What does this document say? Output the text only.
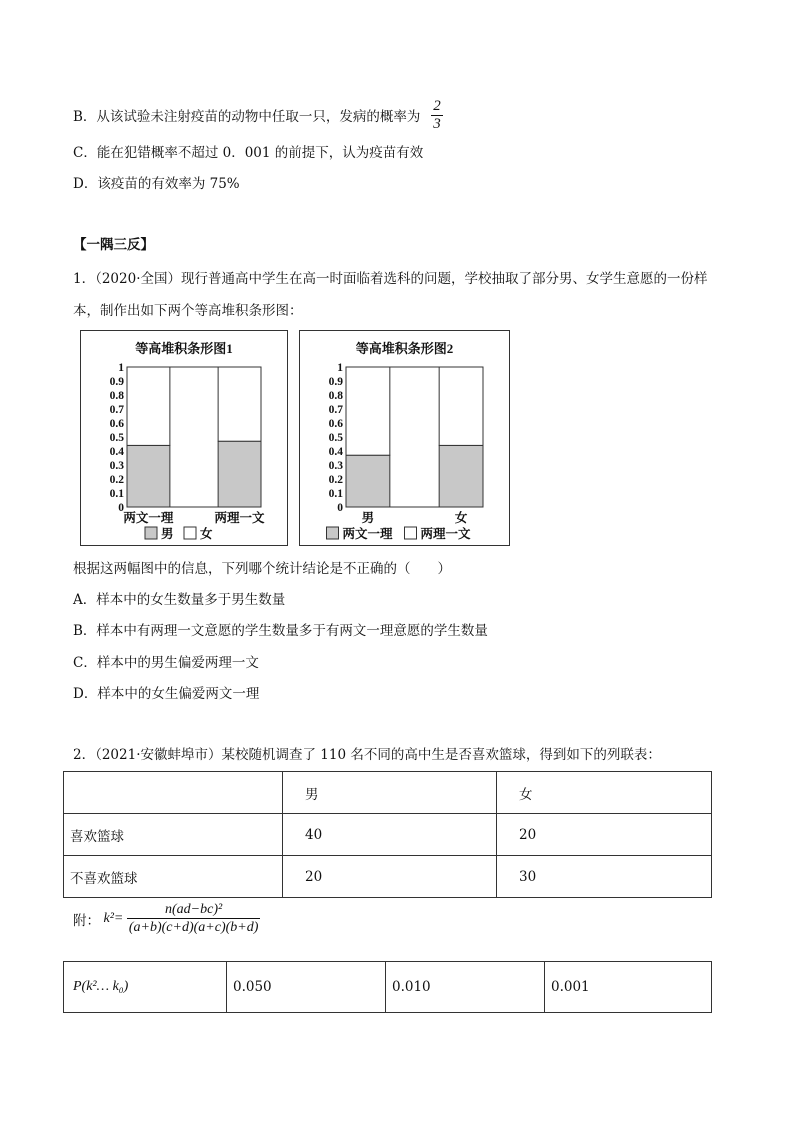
B．从该试验未注射疫苗的动物中任取一只，发病的概率为
2
3
C．能在犯错概率不超过 0．001 的前提下，认为疫苗有效
D．该疫苗的有效率为 75%
【一隅三反】
1．（2020·全国）现行普通高中学生在高一时面临着选科的问题，学校抽取了部分男、女学生意愿的一份样
本，制作出如下两个等高堆积条形图：
等高堆积条形图1
0
0.1
0.2
0.3
0.4
0.5
0.6
0.7
0.8
0.9
1
两文一理	两理一文
男 女
等高堆积条形图2
0
0.1
0.2
0.3
0.4
0.5
0.6
0.7
0.8
0.9
1
男	女
两文一理 两理一文
根据这两幅图中的信息，下列哪个统计结论是不正确的（　　）
A．样本中的女生数量多于男生数量
B．样本中有两理一文意愿的学生数量多于有两文一理意愿的学生数量
C．样本中的男生偏爱两理一文
D．样本中的女生偏爱两文一理
2．（2021·安徽蚌埠市）某校随机调查了 110 名不同的高中生是否喜欢篮球，得到如下的列联表：
	男	女
喜欢篮球	40	20
不喜欢篮球	20	30
附： $k^2= \frac{\text{n(ad−bc)²}}{(a+b)(c+d)(a+c)(b+d)}$
P(k²… k₀)	0.050	0.010	0.001
